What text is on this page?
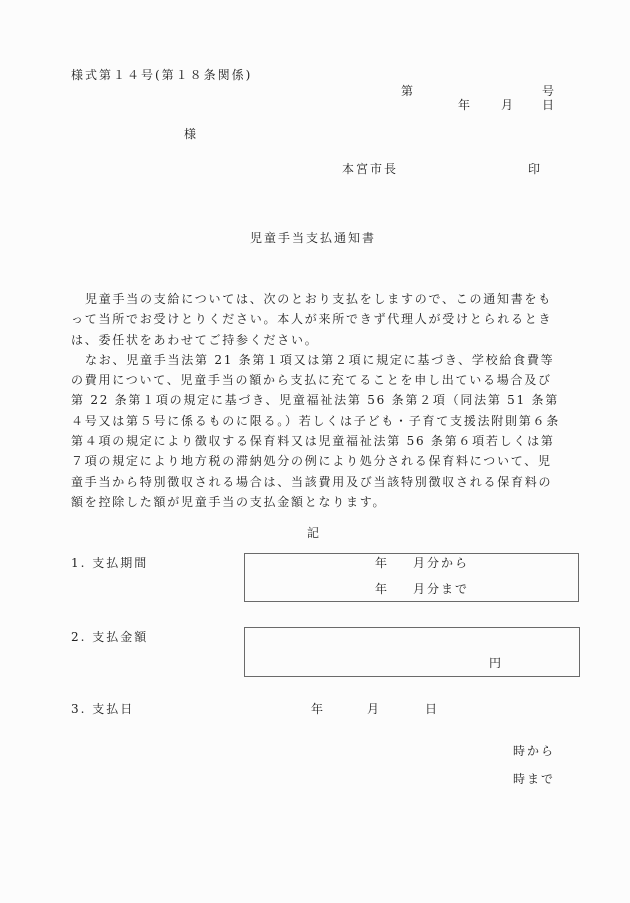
様式第１４号(第１８条関係)
第	号
年	月 日
様
本宮市長	印
児童手当支払通知書

児童手当の支給については、次のとおり支払をしますので、この通知書をもって当所でお受けとりください。本人が来所できず代理人が受けとられるときは、委任状をあわせてご持参ください。

なお、児童手当法第 21 条第１項又は第２項に規定に基づき、学校給食費等の費用について、児童手当の額から支払に充てることを申し出ている場合及び第 22 条第１項の規定に基づき、児童福祉法第 56 条第２項（同法第 51 条第４号又は第５号に係るものに限る。）若しくは子ども・子育て支援法附則第６条第４項の規定により徴収する保育料又は児童福祉法第 56 条第６項若しくは第７項の規定により地方税の滞納処分の例により処分される保育料について、児童手当から特別徴収される場合は、当該費用及び当該特別徴収される保育料の額を控除した額が児童手当の支払金額となります。

記
1. 支払期間	年 月分から
年 月分まで
2. 支払金額
円
3. 支払日	年	月	日
時から
時まで
